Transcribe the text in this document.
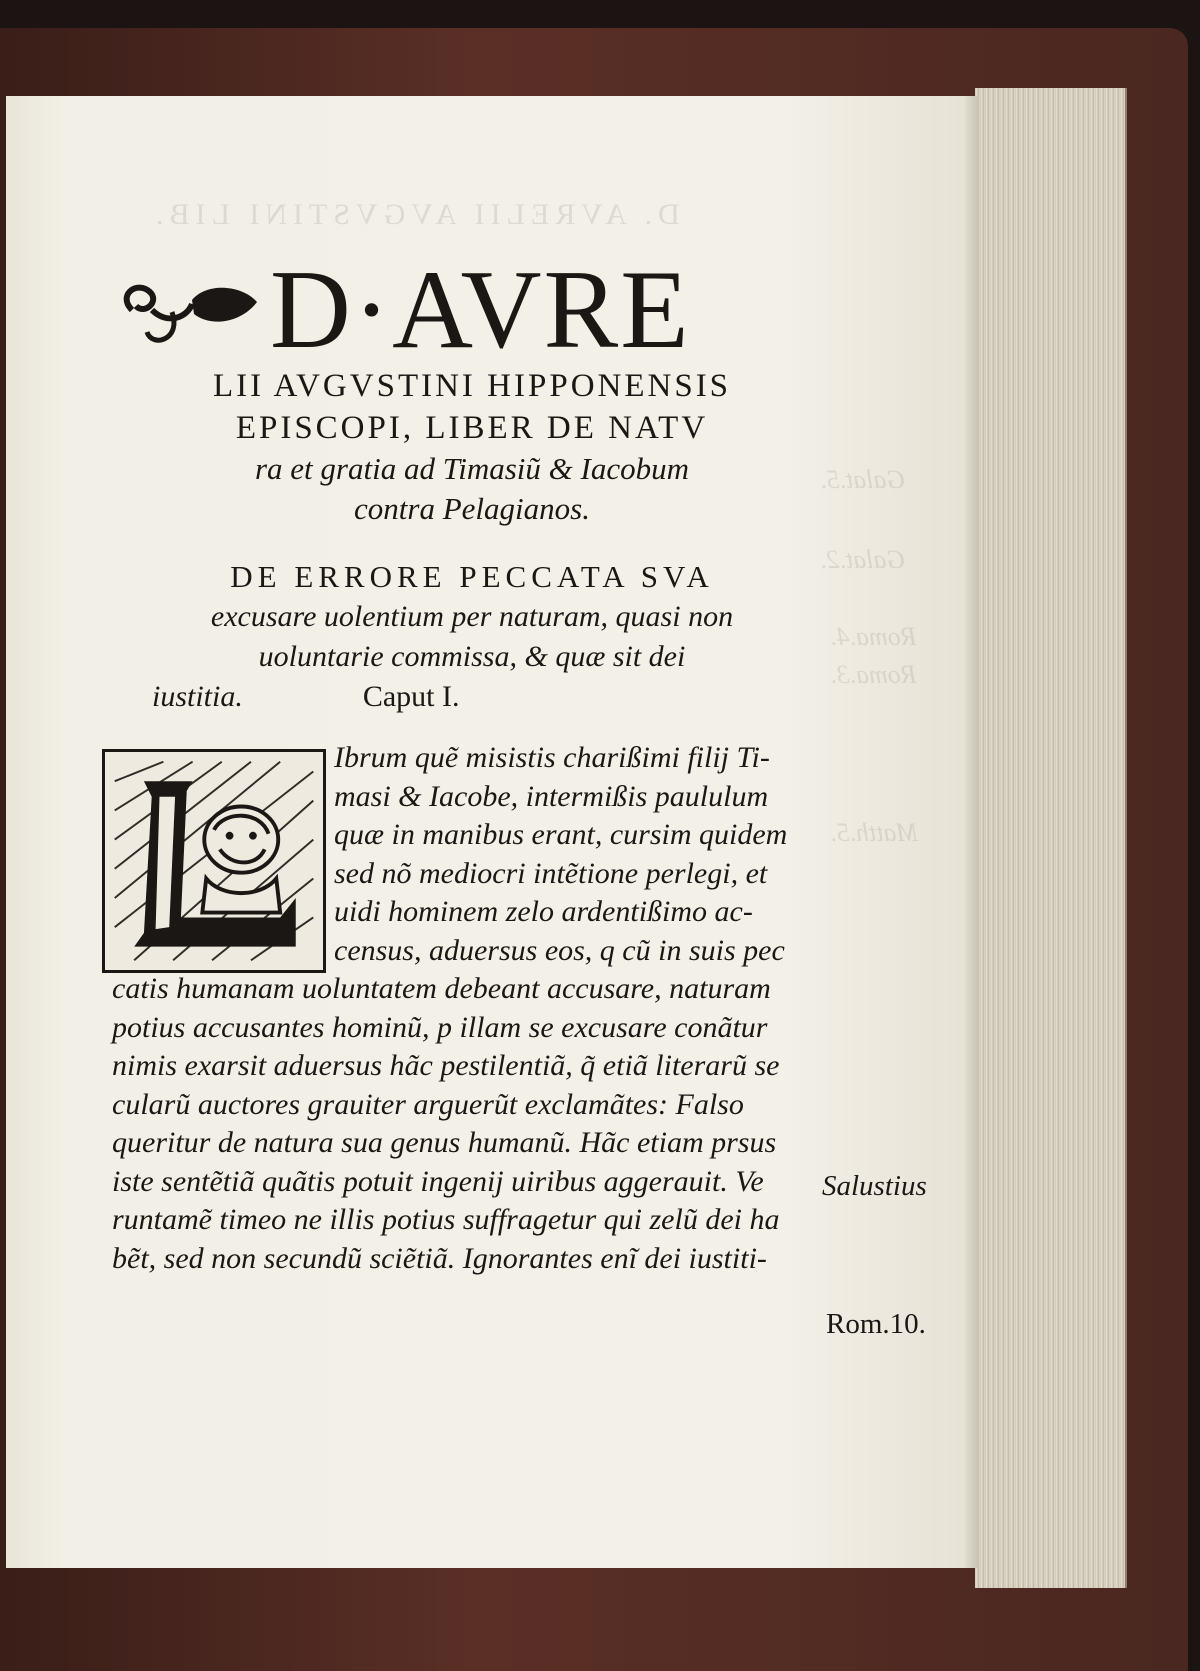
D. AVRELII AVGVSTINI LIB.
Galat.5.
Galat.2.
Roma.4.
Roma.3.
Matth.5.
D·AVRE
LII AVGVSTINI HIPPONENSIS
EPISCOPI, LIBER DE NATV
ra et gratia ad Timasiũ & Iacobum
contra Pelagianos.
DE ERRORE PECCATA SVA
excusare uolentium per naturam, quasi non
uoluntarie commissa, & quæ sit dei
iustitia.	Caput I.
Ibrum quẽ misistis charißimi filij Ti-
masi & Iacobe, intermißis paululum
quæ in manibus erant, cursim quidem
sed nõ mediocri intẽtione perlegi, et
uidi hominem zelo ardentißimo ac-
census, aduersus eos, q cũ in suis pec
catis humanam uoluntatem debeant accusare, naturam
potius accusantes hominũ, p illam se excusare conãtur
nimis exarsit aduersus hãc pestilentiã, q̃ etiã literarũ se
cularũ auctores grauiter arguerũt exclamãtes: Falso
queritur de natura sua genus humanũ. Hãc etiam prsus
iste sentẽtiã quãtis potuit ingenij uiribus aggerauit. Ve
runtamẽ timeo ne illis potius suffragetur qui zelũ dei ha
bẽt, sed non secundũ sciẽtiã. Ignorantes enĩ dei iustiti-
Salustius
Rom.10.
